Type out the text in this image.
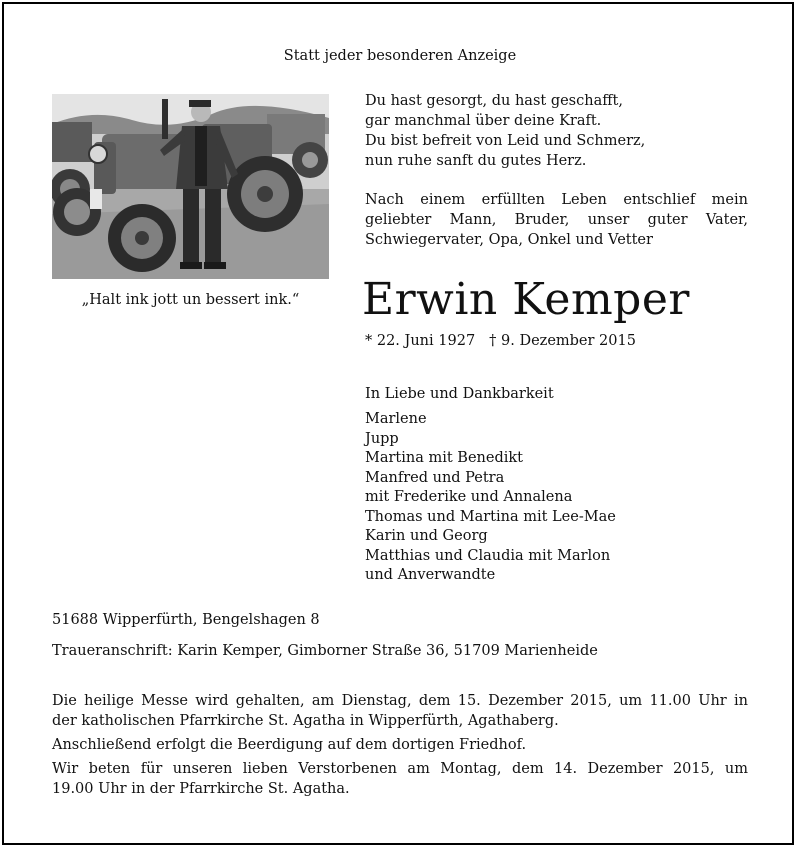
Statt jeder besonderen Anzeige
„Halt ink jott un bessert ink.“
Du hast gesorgt, du hast geschafft,
gar manchmal über deine Kraft.
Du bist befreit von Leid und Schmerz,
nun ruhe sanft du gutes Herz.
Nach einem erfüllten Leben entschlief mein
geliebter Mann, Bruder, unser guter Vater,
Schwiegervater, Opa, Onkel und Vetter
Erwin Kemper
* 22. Juni 1927 † 9. Dezember 2015
In Liebe und Dankbarkeit
Marlene
Jupp
Martina mit Benedikt
Manfred und Petra
mit Frederike und Annalena
Thomas und Martina mit Lee-Mae
Karin und Georg
Matthias und Claudia mit Marlon
und Anverwandte
51688 Wipperfürth, Bengelshagen 8
Traueranschrift: Karin Kemper, Gimborner Straße 36, 51709 Marienheide
Die heilige Messe wird gehalten, am Dienstag, dem 15. Dezember 2015, um 11.00 Uhr in
der katholischen Pfarrkirche St. Agatha in Wipperfürth, Agathaberg.
Anschließend erfolgt die Beerdigung auf dem dortigen Friedhof.
Wir beten für unseren lieben Verstorbenen am Montag, dem 14. Dezember 2015, um
19.00 Uhr in der Pfarrkirche St. Agatha.
